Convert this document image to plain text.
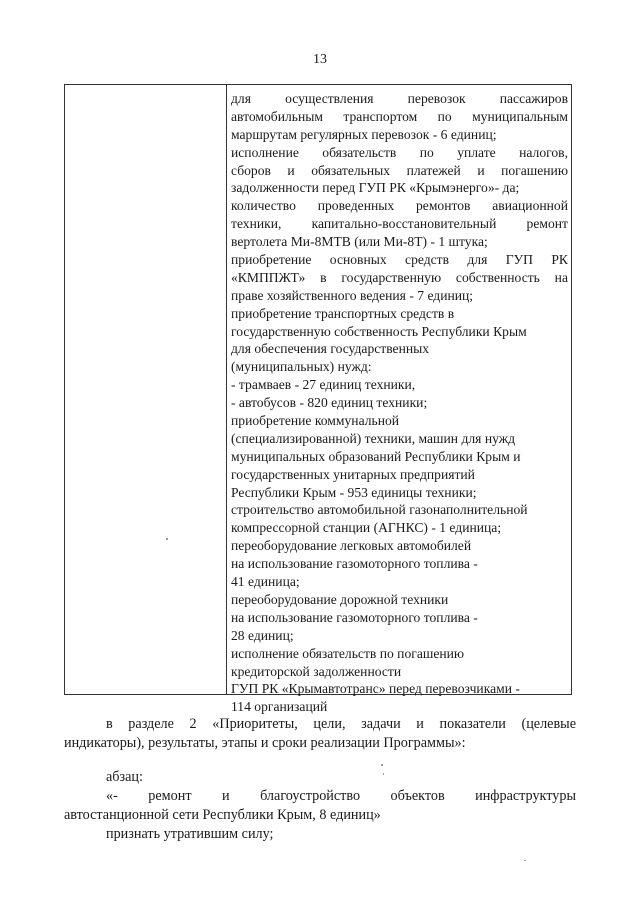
13
для осуществления перевозок пассажиров
автомобильным транспортом по муниципальным
маршрутам регулярных перевозок - 6 единиц;
исполнение обязательств по уплате налогов,
сборов и обязательных платежей и погашению
задолженности перед ГУП РК «Крымэнерго»- да;
количество проведенных ремонтов авиационной
техники, капитально-восстановительный ремонт
вертолета Ми-8МТВ (или Ми-8Т) - 1 штука;
приобретение основных средств для ГУП РК
«КМППЖТ» в государственную собственность на
праве хозяйственного ведения - 7 единиц;
приобретение транспортных средств в
государственную собственность Республики Крым
для обеспечения государственных
(муниципальных) нужд:
- трамваев - 27 единиц техники,
- автобусов - 820 единиц техники;
приобретение коммунальной
(специализированной) техники, машин для нужд
муниципальных образований Республики Крым и
государственных унитарных предприятий
Республики Крым - 953 единицы техники;
строительство автомобильной газонаполнительной
компрессорной станции (АГНКС) - 1 единица;
переоборудование легковых автомобилей
на использование газомоторного топлива -
41 единица;
переоборудование дорожной техники
на использование газомоторного топлива -
28 единиц;
исполнение обязательств по погашению
кредиторской задолженности
ГУП РК «Крымавтотранс» перед перевозчиками -
114 организаций
в разделе 2 «Приоритеты, цели, задачи и показатели (целевые
индикаторы), результаты, этапы и сроки реализации Программы»:
абзац:
«- ремонт и благоустройство объектов инфраструктуры
автостанционной сети Республики Крым, 8 единиц»
признать утратившим силу;
